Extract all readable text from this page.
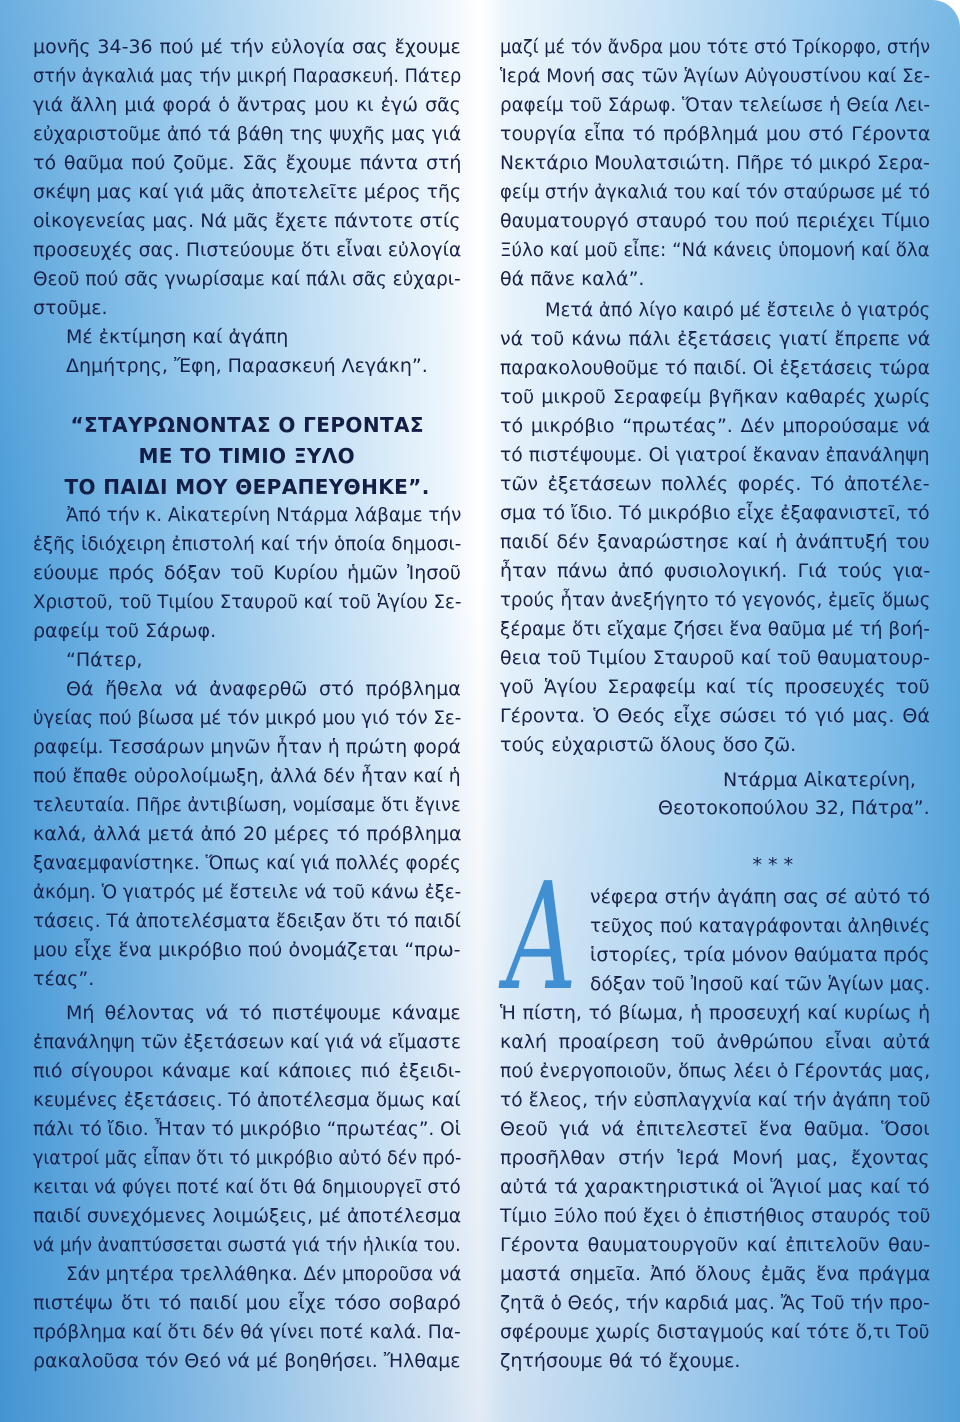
μονῆς 34-36 πού μέ τήν εὐλογία σας ἔχουμε
στήν ἀγκαλιά μας τήν μικρή Παρασκευή. Πάτερ
γιά ἄλλη μιά φορά ὁ ἄντρας μου κι ἐγώ σᾶς
εὐχαριστοῦμε ἀπό τά βάθη της ψυχῆς μας γιά
τό θαῦμα πού ζοῦμε. Σᾶς ἔχουμε πάντα στή
σκέψη μας καί γιά μᾶς ἀποτελεῖτε μέρος τῆς
οἰκογενείας μας. Νά μᾶς ἔχετε πάντοτε στίς
προσευχές σας. Πιστεύουμε ὅτι εἶναι εὐλογία
Θεοῦ πού σᾶς γνωρίσαμε καί πάλι σᾶς εὐχαρι-
στοῦμε.
Μέ ἐκτίμηση καί ἀγάπη
Δημήτρης, Ἔφη, Παρασκευή Λεγάκη”.
“ΣΤΑΥΡΩΝΟΝΤΑΣ Ο ΓΕΡΟΝΤΑΣ
ΜΕ ΤΟ ΤΙΜΙΟ ΞΥΛΟ
ΤΟ ΠΑΙΔΙ ΜΟΥ ΘΕΡΑΠΕΥΘΗΚΕ”.
Ἀπό τήν κ. Αἰκατερίνη Ντάρμα λάβαμε τήν
ἑξῆς ἰδιόχειρη ἐπιστολή καί τήν ὁποία δημοσι-
εύουμε πρός δόξαν τοῦ Κυρίου ἡμῶν Ἰησοῦ
Χριστοῦ, τοῦ Τιμίου Σταυροῦ καί τοῦ Ἁγίου Σε-
ραφείμ τοῦ Σάρωφ.
“Πάτερ,
Θά ἤθελα νά ἀναφερθῶ στό πρόβλημα
ὑγείας πού βίωσα μέ τόν μικρό μου γιό τόν Σε-
ραφείμ. Τεσσάρων μηνῶν ἦταν ἡ πρώτη φορά
πού ἔπαθε οὐρολοίμωξη, ἀλλά δέν ἦταν καί ἡ
τελευταία. Πῆρε ἀντιβίωση, νομίσαμε ὅτι ἔγινε
καλά, ἀλλά μετά ἀπό 20 μέρες τό πρόβλημα
ξαναεμφανίστηκε. Ὅπως καί γιά πολλές φορές
ἀκόμη. Ὁ γιατρός μέ ἔστειλε νά τοῦ κάνω ἐξε-
τάσεις. Τά ἀποτελέσματα ἔδειξαν ὅτι τό παιδί
μου εἶχε ἕνα μικρόβιο πού ὀνομάζεται “πρω-
τέας”.
Μή θέλοντας νά τό πιστέψουμε κάναμε
ἐπανάληψη τῶν ἐξετάσεων καί γιά νά εἴμαστε
πιό σίγουροι κάναμε καί κάποιες πιό ἐξειδι-
κευμένες ἐξετάσεις. Τό ἀποτέλεσμα ὅμως καί
πάλι τό ἴδιο. Ἦταν τό μικρόβιο “πρωτέας”. Οἱ
γιατροί μᾶς εἶπαν ὅτι τό μικρόβιο αὐτό δέν πρό-
κειται νά φύγει ποτέ καί ὅτι θά δημιουργεῖ στό
παιδί συνεχόμενες λοιμώξεις, μέ ἀποτέλεσμα
νά μήν ἀναπτύσσεται σωστά γιά τήν ἡλικία του.
Σάν μητέρα τρελλάθηκα. Δέν μποροῦσα νά
πιστέψω ὅτι τό παιδί μου εἶχε τόσο σοβαρό
πρόβλημα καί ὅτι δέν θά γίνει ποτέ καλά. Πα-
ρακαλοῦσα τόν Θεό νά μέ βοηθήσει. Ἤλθαμε
Α
μαζί μέ τόν ἄνδρα μου τότε στό Τρίκορφο, στήν
Ἱερά Μονή σας τῶν Ἁγίων Αὐγουστίνου καί Σε-
ραφείμ τοῦ Σάρωφ. Ὅταν τελείωσε ἡ Θεία Λει-
τουργία εἶπα τό πρόβλημά μου στό Γέροντα
Νεκτάριο Μουλατσιώτη. Πῆρε τό μικρό Σερα-
φείμ στήν ἀγκαλιά του καί τόν σταύρωσε μέ τό
θαυματουργό σταυρό του πού περιέχει Τίμιο
Ξύλο καί μοῦ εἶπε: “Νά κάνεις ὑπομονή καί ὅλα
θά πᾶνε καλά”.
Μετά ἀπό λίγο καιρό μέ ἔστειλε ὁ γιατρός
νά τοῦ κάνω πάλι ἐξετάσεις γιατί ἔπρεπε νά
παρακολουθοῦμε τό παιδί. Οἱ ἐξετάσεις τώρα
τοῦ μικροῦ Σεραφείμ βγῆκαν καθαρές χωρίς
τό μικρόβιο “πρωτέας”. Δέν μπορούσαμε νά
τό πιστέψουμε. Οἱ γιατροί ἔκαναν ἐπανάληψη
τῶν ἐξετάσεων πολλές φορές. Τό ἀποτέλε-
σμα τό ἴδιο. Τό μικρόβιο εἶχε ἐξαφανιστεῖ, τό
παιδί δέν ξαναρώστησε καί ἡ ἀνάπτυξή του
ἦταν πάνω ἀπό φυσιολογική. Γιά τούς για-
τρούς ἦταν ἀνεξήγητο τό γεγονός, ἐμεῖς ὅμως
ξέραμε ὅτι εἴχαμε ζήσει ἕνα θαῦμα μέ τή βοή-
θεια τοῦ Τιμίου Σταυροῦ καί τοῦ θαυματουρ-
γοῦ Ἁγίου Σεραφείμ καί τίς προσευχές τοῦ
Γέροντα. Ὁ Θεός εἶχε σώσει τό γιό μας. Θά
τούς εὐχαριστῶ ὅλους ὅσο ζῶ.
Ντάρμα Αἰκατερίνη,
Θεοτοκοπούλου 32, Πάτρα”.
* * *
νέφερα στήν ἀγάπη σας σέ αὐτό τό
τεῦχος πού καταγράφονται ἀληθινές
ἱστορίες, τρία μόνον θαύματα πρός
δόξαν τοῦ Ἰησοῦ καί τῶν Ἁγίων μας.
Ἡ πίστη, τό βίωμα, ἡ προσευχή καί κυρίως ἡ
καλή προαίρεση τοῦ ἀνθρώπου εἶναι αὐτά
πού ἐνεργοποιοῦν, ὅπως λέει ὁ Γέροντάς μας,
τό ἔλεος, τήν εὐσπλαγχνία καί τήν ἀγάπη τοῦ
Θεοῦ γιά νά ἐπιτελεστεῖ ἕνα θαῦμα. Ὅσοι
προσῆλθαν στήν Ἱερά Μονή μας, ἔχοντας
αὐτά τά χαρακτηριστικά οἱ Ἅγιοί μας καί τό
Τίμιο Ξύλο πού ἔχει ὁ ἐπιστήθιος σταυρός τοῦ
Γέροντα θαυματουργοῦν καί ἐπιτελοῦν θαυ-
μαστά σημεῖα. Ἀπό ὅλους ἐμᾶς ἕνα πράγμα
ζητᾶ ὁ Θεός, τήν καρδιά μας. Ἄς Τοῦ τήν προ-
σφέρουμε χωρίς δισταγμούς καί τότε ὅ,τι Τοῦ
ζητήσουμε θά τό ἔχουμε.
